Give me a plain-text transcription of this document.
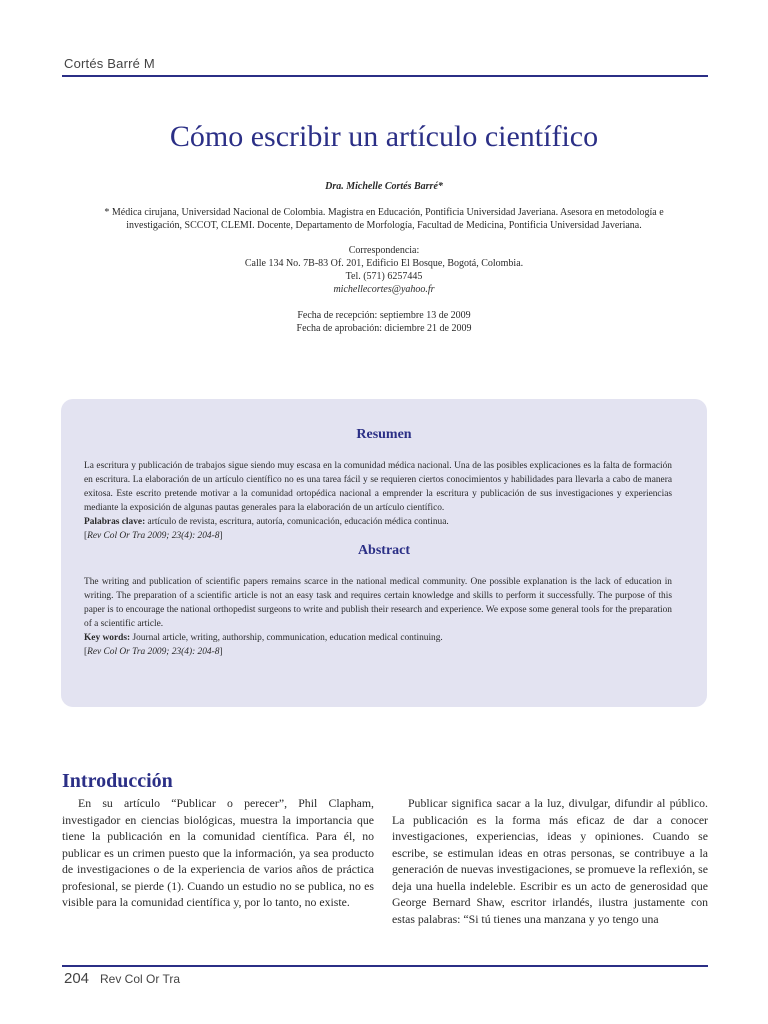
Cortés Barré M
Cómo escribir un artículo científico
Dra. Michelle Cortés Barré*
* Médica cirujana, Universidad Nacional de Colombia. Magistra en Educación, Pontificia Universidad Javeriana. Asesora en metodología e investigación, SCCOT, CLEMI. Docente, Departamento de Morfología, Facultad de Medicina, Pontificia Universidad Javeriana.
Correspondencia:
Calle 134 No. 7B-83 Of. 201, Edificio El Bosque, Bogotá, Colombia.
Tel. (571) 6257445
michellecortes@yahoo.fr
Fecha de recepción: septiembre 13 de 2009
Fecha de aprobación: diciembre 21 de 2009
Resumen
La escritura y publicación de trabajos sigue siendo muy escasa en la comunidad médica nacional. Una de las posibles explicaciones es la falta de formación en escritura. La elaboración de un artículo científico no es una tarea fácil y se requieren ciertos conocimientos y habilidades para llevarla a cabo de manera exitosa. Este escrito pretende motivar a la comunidad ortopédica nacional a emprender la escritura y publicación de sus investigaciones y experiencias mediante la exposición de algunas pautas generales para la elaboración de un artículo científico.
Palabras clave: artículo de revista, escritura, autoría, comunicación, educación médica continua.
[Rev Col Or Tra 2009; 23(4): 204-8]
Abstract
The writing and publication of scientific papers remains scarce in the national medical community. One possible explanation is the lack of education in writing. The preparation of a scientific article is not an easy task and requires certain knowledge and skills to perform it successfully. The purpose of this paper is to encourage the national orthopedist surgeons to write and publish their research and experience. We expose some general tools for the preparation of a scientific article.
Key words: Journal article, writing, authorship, communication, education medical continuing.
[Rev Col Or Tra 2009; 23(4): 204-8]
Introducción

En su artículo “Publicar o perecer”, Phil Clapham, investigador en ciencias biológicas, muestra la importancia que tiene la publicación en la comunidad científica. Para él, no publicar es un crimen puesto que la información, ya sea producto de investigaciones o de la experiencia de varios años de práctica profesional, se pierde (1). Cuando un estudio no se publica, no es visible para la comunidad científica y, por lo tanto, no existe.

Publicar significa sacar a la luz, divulgar, difundir al público. La publicación es la forma más eficaz de dar a conocer investigaciones, experiencias, ideas y opiniones. Cuando se escribe, se estimulan ideas en otras personas, se contribuye a la generación de nuevas investigaciones, se promueve la reflexión, se deja una huella indeleble. Escribir es un acto de generosidad que George Bernard Shaw, escritor irlandés, ilustra justamente con estas palabras: “Si tú tienes una manzana y yo tengo una

204 Rev Col Or Tra
